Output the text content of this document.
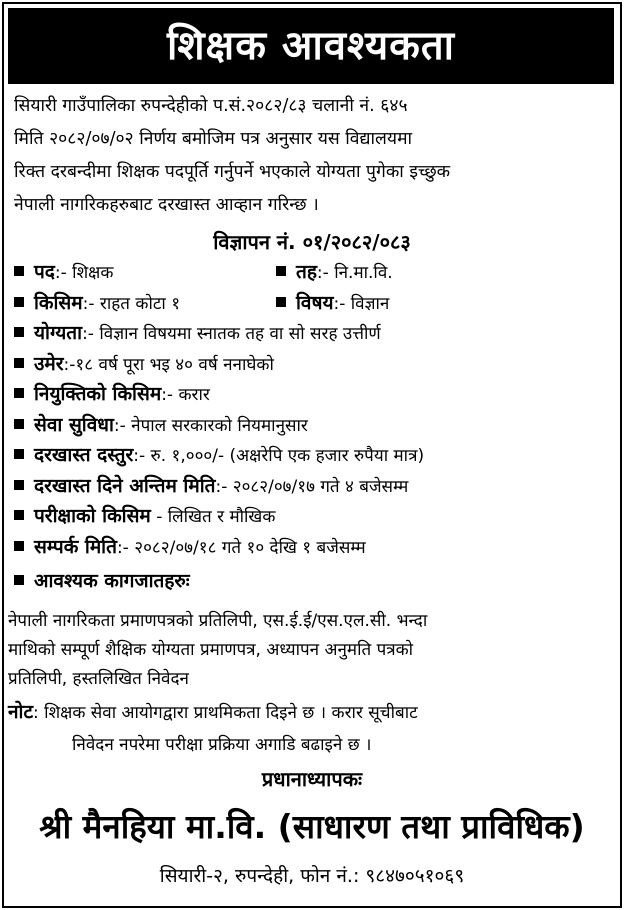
शिक्षक आवश्यकता
सियारी गाउँपालिका रुपन्देहीको प.सं.२०८२/८३ चलानी नं. ६४५
मिति २०८२/०७/०२ निर्णय बमोजिम पत्र अनुसार यस विद्यालयमा
रिक्त दरबन्दीमा शिक्षक पदपूर्ति गर्नुपर्ने भएकाले योग्यता पुगेका इच्छुक
नेपाली नागरिकहरुबाट दरखास्त आव्हान गरिन्छ ।
विज्ञापन नं. ०१/२०८२/०८३
पद:- शिक्षक	तह:- नि.मा.वि.
किसिम:- राहत कोटा १	विषय:- विज्ञान
योग्यता:- विज्ञान विषयमा स्नातक तह वा सो सरह उत्तीर्ण
उमेर:-१८ वर्ष पूरा भइ ४० वर्ष ननाघेको
नियुक्तिको किसिम:- करार
सेवा सुविधा:- नेपाल सरकारको नियमानुसार
दरखास्त दस्तुर:- रु. १,०००/- (अक्षरेपि एक हजार रुपैया मात्र)
दरखास्त दिने अन्तिम मिति:- २०८२/०७/१७ गते ४ बजेसम्म
परीक्षाको किसिम - लिखित र मौखिक
सम्पर्क मिति:- २०८२/०७/१८ गते १० देखि १ बजेसम्म
आवश्यक कागजातहरुः
नेपाली नागरिकता प्रमाणपत्रको प्रतिलिपी, एस.ई.ई/एस.एल.सी. भन्दा
माथिको सम्पूर्ण शैक्षिक योग्यता प्रमाणपत्र, अध्यापन अनुमति पत्रको
प्रतिलिपी, हस्तलिखित निवेदन
नोट: शिक्षक सेवा आयोगद्वारा प्राथमिकता दिइने छ । करार सूचीबाट
निवेदन नपरेमा परीक्षा प्रक्रिया अगाडि बढाइने छ ।
प्रधानाध्यापकः
श्री मैनहिया मा.वि. (साधारण तथा प्राविधिक)
सियारी-२, रुपन्देही, फोन नं.: ९८४७०५१०६९
